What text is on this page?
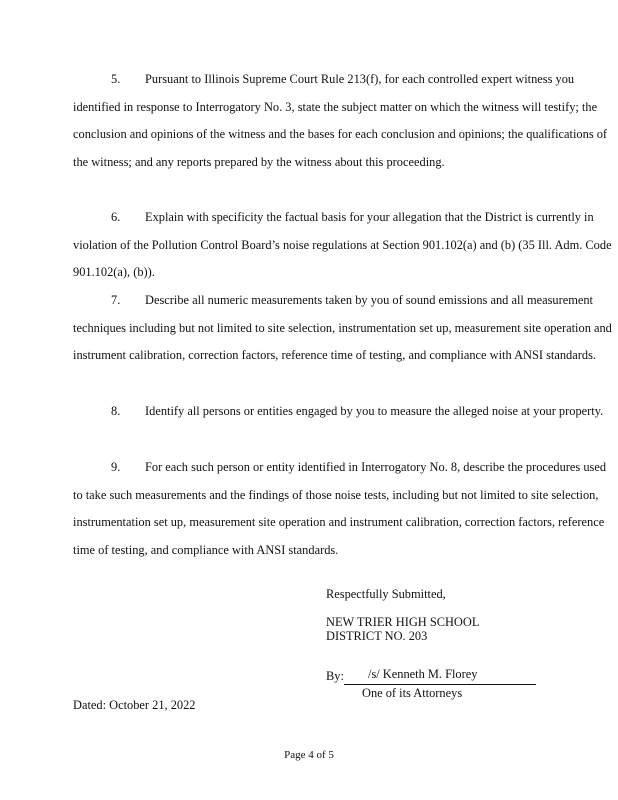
5. Pursuant to Illinois Supreme Court Rule 213(f), for each controlled expert witness you identified in response to Interrogatory No. 3, state the subject matter on which the witness will testify; the conclusion and opinions of the witness and the bases for each conclusion and opinions; the qualifications of the witness; and any reports prepared by the witness about this proceeding.
6. Explain with specificity the factual basis for your allegation that the District is currently in violation of the Pollution Control Board’s noise regulations at Section 901.102(a) and (b) (35 Ill. Adm. Code 901.102(a), (b)).
7. Describe all numeric measurements taken by you of sound emissions and all measurement techniques including but not limited to site selection, instrumentation set up, measurement site operation and instrument calibration, correction factors, reference time of testing, and compliance with ANSI standards.
8. Identify all persons or entities engaged by you to measure the alleged noise at your property.
9. For each such person or entity identified in Interrogatory No. 8, describe the procedures used to take such measurements and the findings of those noise tests, including but not limited to site selection, instrumentation set up, measurement site operation and instrument calibration, correction factors, reference time of testing, and compliance with ANSI standards.
Respectfully Submitted,
NEW TRIER HIGH SCHOOL
DISTRICT NO. 203
By: /s/ Kenneth M. Florey
One of its Attorneys
Dated: October 21, 2022
Page 4 of 5
